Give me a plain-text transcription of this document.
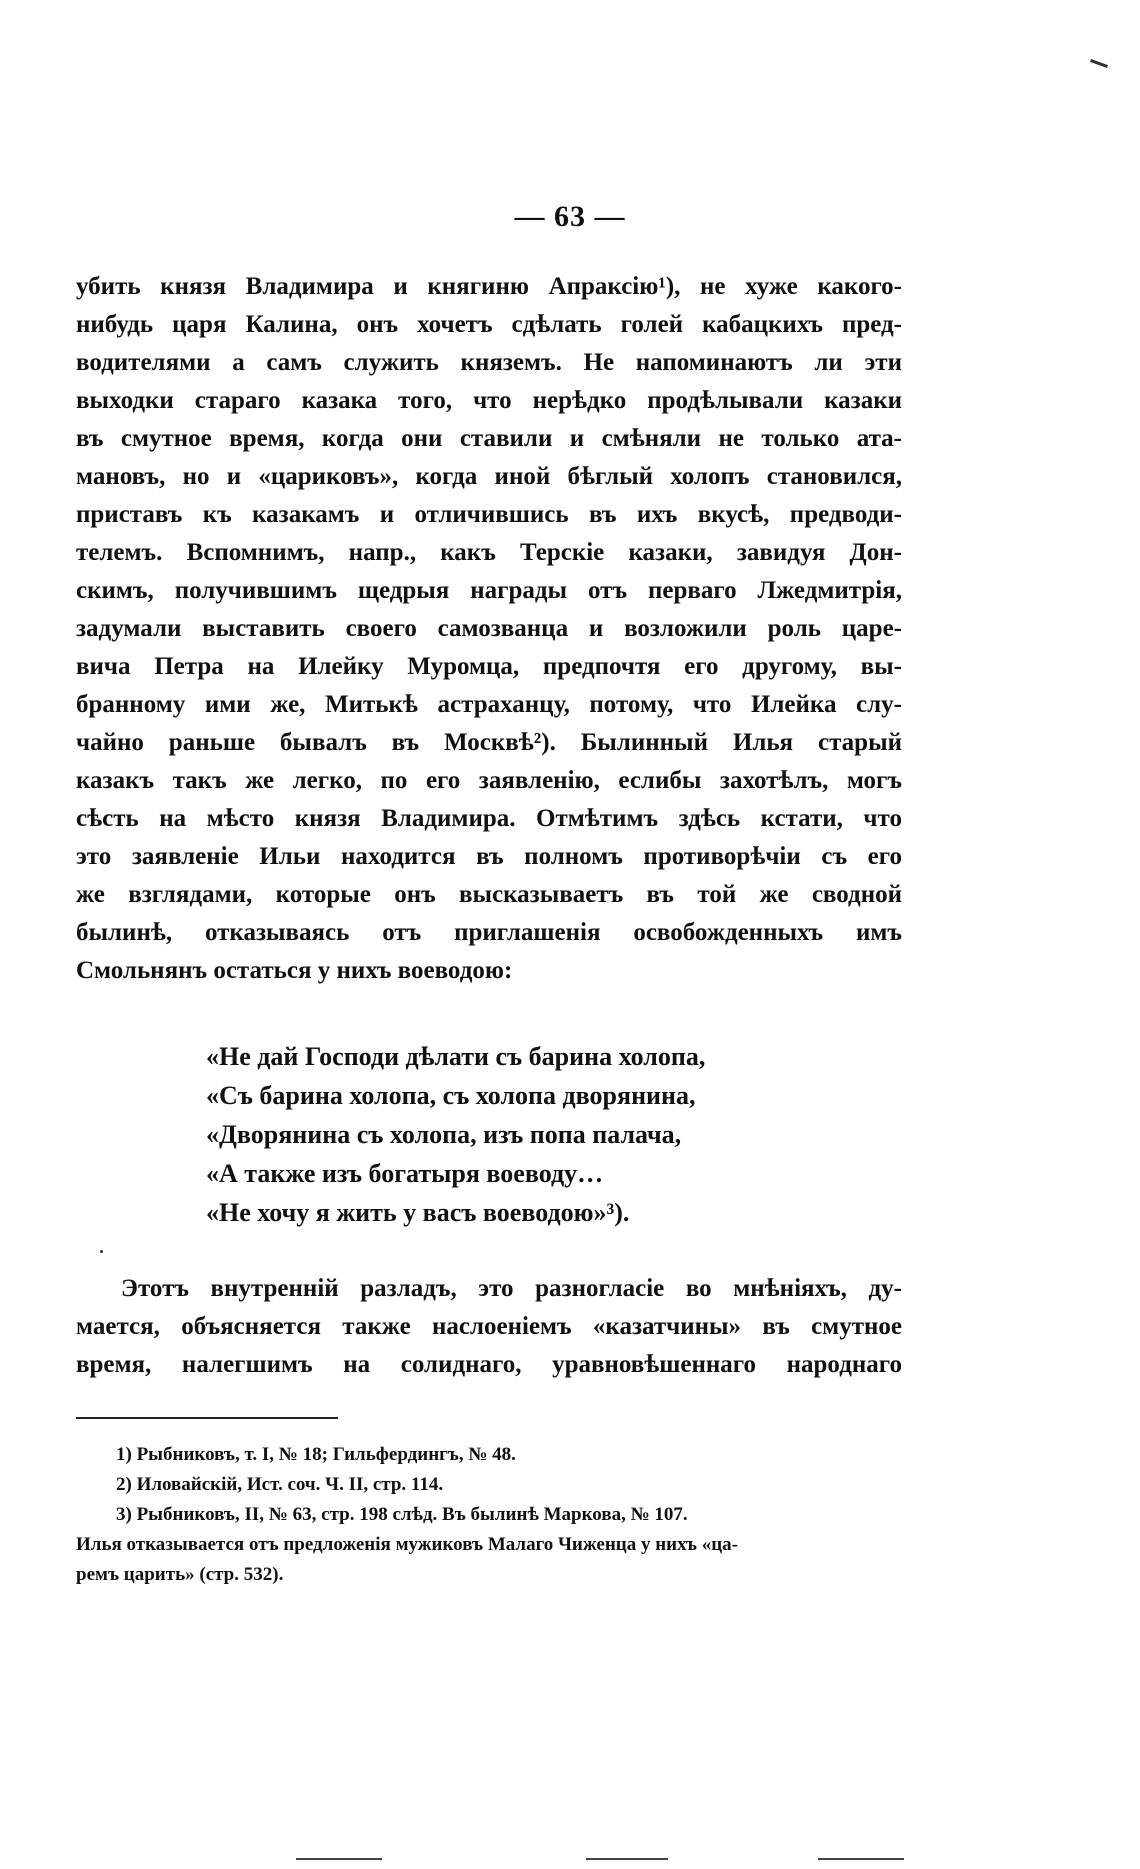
— 63 —
убить князя Владимира и княгиню Апраксію¹), не хуже какого-
нибудь царя Калина, онъ хочетъ сдѣлать голей кабацкихъ пред-
водителями а самъ служить княземъ. Не напоминаютъ ли эти
выходки стараго казака того, что нерѣдко продѣлывали казаки
въ смутное время, когда они ставили и смѣняли не только ата-
мановъ, но и «цариковъ», когда иной бѣглый холопъ становился,
приставъ къ казакамъ и отличившись въ ихъ вкусѣ, предводи-
телемъ. Вспомнимъ, напр., какъ Терскіе казаки, завидуя Дон-
скимъ, получившимъ щедрыя награды отъ перваго Лжедмитрія,
задумали выставить своего самозванца и возложили роль царе-
вича Петра на Илейку Муромца, предпочтя его другому, вы-
бранному ими же, Митькѣ астраханцу, потому, что Илейка слу-
чайно раньше бывалъ въ Москвѣ²). Былинный Илья старый
казакъ такъ же легко, по его заявленію, еслибы захотѣлъ, могъ
сѣсть на мѣсто князя Владимира. Отмѣтимъ здѣсь кстати, что
это заявленіе Ильи находится въ полномъ противорѣчіи съ его
же взглядами, которые онъ высказываетъ въ той же сводной
былинѣ, отказываясь отъ приглашенія освобожденныхъ имъ
Смольнянъ остаться у нихъ воеводою:
«Не дай Господи дѣлати съ барина холопа,
«Съ барина холопа, съ холопа дворянина,
«Дворянина съ холопа, изъ попа палача,
«А также изъ богатыря воеводу…
«Не хочу я жить у васъ воеводою»³).
Этотъ внутренній разладъ, это разногласіе во мнѣніяхъ, ду-
мается, объясняется также наслоеніемъ «казатчины» въ смутное
время, налегшимъ на солиднаго, уравновѣшеннаго народнаго
1) Рыбниковъ, т. I, № 18; Гильфердингъ, № 48.
2) Иловайскій, Ист. соч. Ч. II, стр. 114.
3) Рыбниковъ, II, № 63, стр. 198 слѣд. Въ былинѣ Маркова, № 107.
Илья отказывается отъ предложенія мужиковъ Малаго Чиженца у нихъ «ца-
ремъ царить» (стр. 532).
